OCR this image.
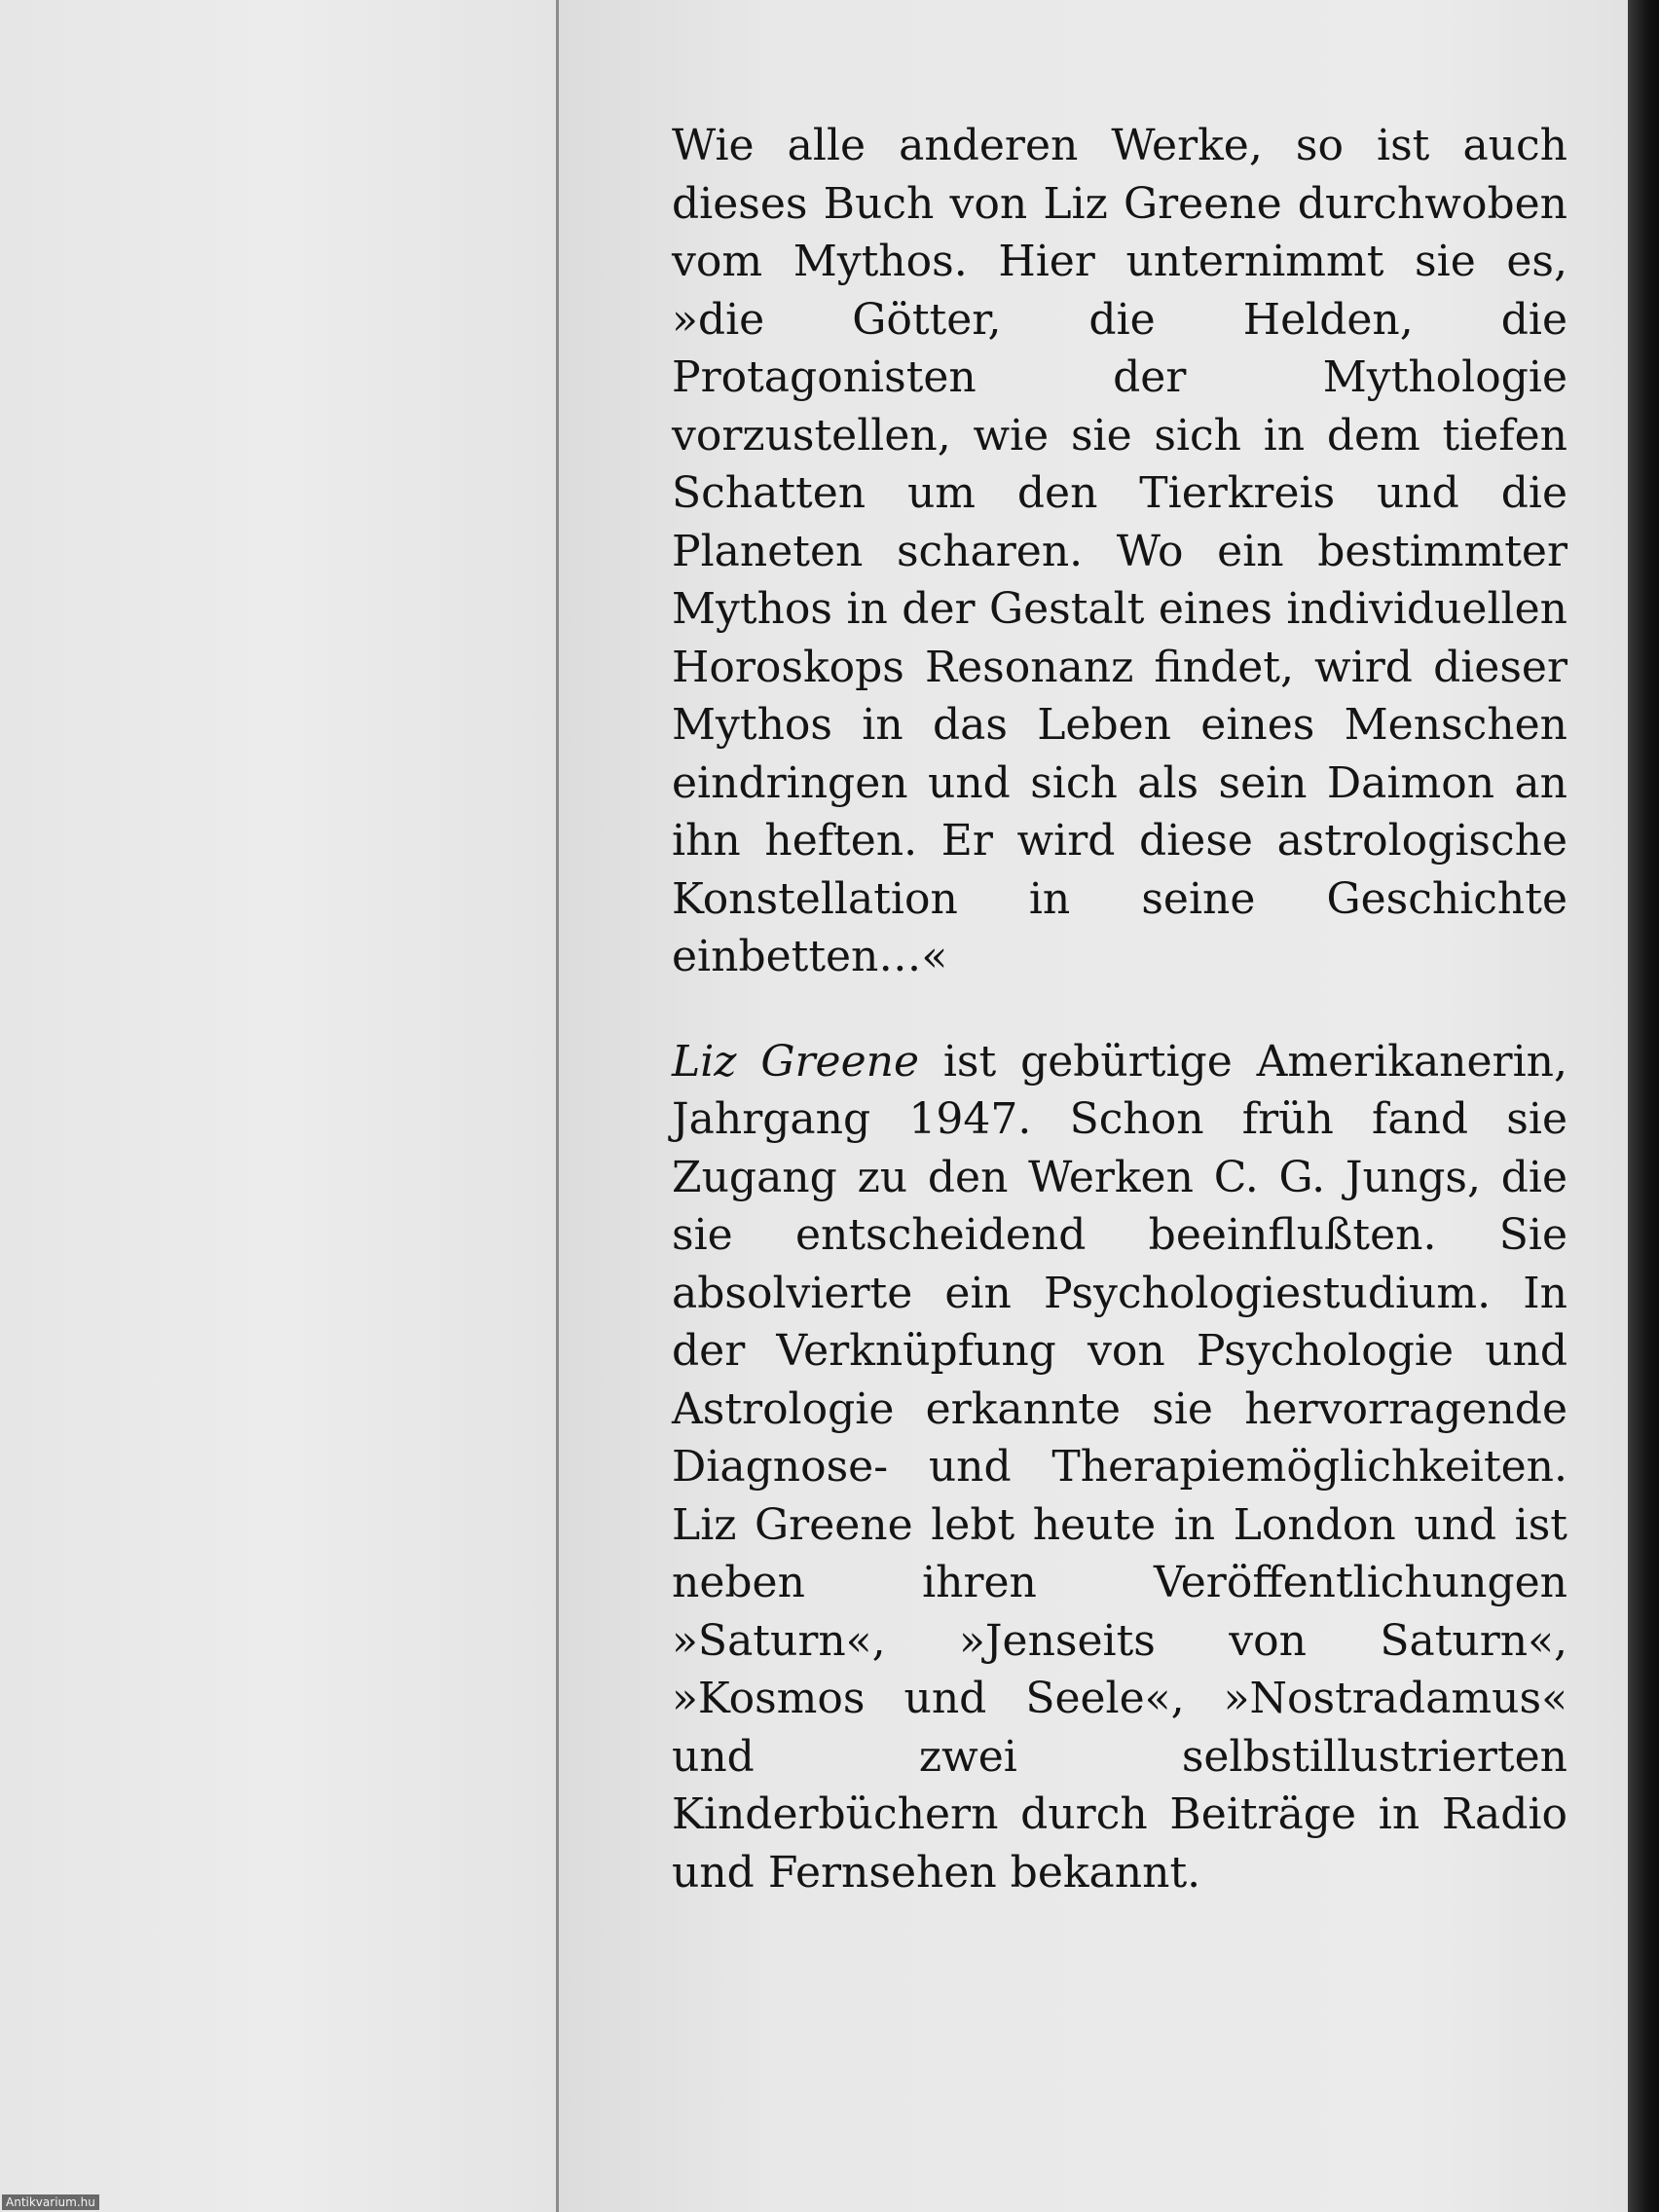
Wie alle anderen Werke, so ist auch dieses Buch von Liz Greene durchwoben vom Mythos. Hier unternimmt sie es, »die Götter, die Helden, die Protagonisten der Mythologie vorzustellen, wie sie sich in dem tiefen Schatten um den Tierkreis und die Planeten scharen. Wo ein bestimmter Mythos in der Gestalt eines individuellen Horoskops Resonanz findet, wird dieser Mythos in das Leben eines Menschen eindringen und sich als sein Daimon an ihn heften. Er wird diese astrologische Konstellation in seine Geschichte einbetten…«

Liz Greene ist gebürtige Amerikanerin, Jahrgang 1947. Schon früh fand sie Zugang zu den Werken C. G. Jungs, die sie entscheidend beeinflußten. Sie absolvierte ein Psychologiestudium. In der Verknüpfung von Psychologie und Astrologie erkannte sie hervorragende Diagnose- und Therapiemöglichkeiten. Liz Greene lebt heute in London und ist neben ihren Veröffentlichungen »Saturn«, »Jenseits von Saturn«, »Kosmos und Seele«, »Nostradamus« und zwei selbstillustrierten Kinderbüchern durch Beiträge in Radio und Fernsehen bekannt.

Antikvarium.hu
